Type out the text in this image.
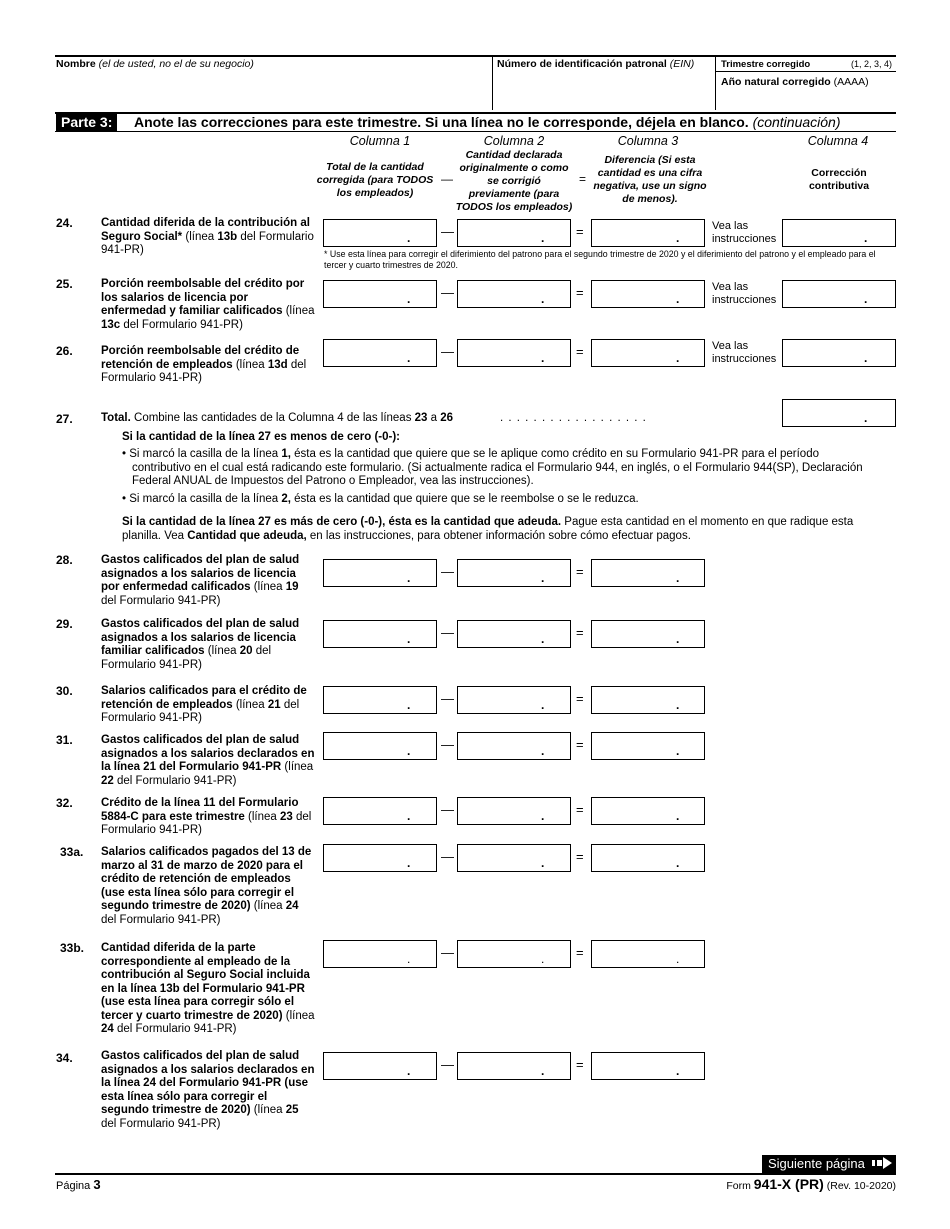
Nombre (el de usted, no el de su negocio)	Número de identificación patronal (EIN)	Trimestre corregido	(1, 2, 3, 4)
Año natural corregido (AAAA)
Parte 3:	Anote las correcciones para este trimestre. Si una línea no le corresponde, déjela en blanco. (continuación)
Columna 1	Columna 2	Columna 3	Columna 4
Total de la cantidad corregida (para TODOS los empleados)
—
Cantidad declarada originalmente o como se corrigió previamente (para TODOS los empleados)
=
Diferencia (Si esta cantidad es una cifra negativa, use un signo de menos).
Corrección contributiva
24. Cantidad diferida de la contribución al Seguro Social* (línea 13b del Formulario 941-PR)
. —	. =	.
Vea las
instrucciones	.
* Use esta línea para corregir el diferimiento del patrono para el segundo trimestre de 2020 y el diferimiento del patrono y el empleado para el tercer y cuarto trimestres de 2020.
25. Porción reembolsable del crédito por los salarios de licencia por enfermedad y familiar calificados (línea 13c del Formulario 941-PR)
. —	. =	.
Vea las
instrucciones	.
26. Porción reembolsable del crédito de retención de empleados (línea 13d del Formulario 941-PR)
. —	. =	.
Vea las
instrucciones	.
27. Total. Combine las cantidades de la Columna 4 de las líneas 23 a 26	. . . . . . . . . . . . . . . . . .	.
Si la cantidad de la línea 27 es menos de cero (-0-):
• Si marcó la casilla de la línea 1, ésta es la cantidad que quiere que se le aplique como crédito en su Formulario 941-PR para el período contributivo en el cual está radicando este formulario. (Si actualmente radica el Formulario 944, en inglés, o el Formulario 944(SP), Declaración Federal ANUAL de Impuestos del Patrono o Empleador, vea las instrucciones).
• Si marcó la casilla de la línea 2, ésta es la cantidad que quiere que se le reembolse o se le reduzca.
Si la cantidad de la línea 27 es más de cero (-0-), ésta es la cantidad que adeuda. Pague esta cantidad en el momento en que radique esta planilla. Vea Cantidad que adeuda, en las instrucciones, para obtener información sobre cómo efectuar pagos.
28. Gastos calificados del plan de salud asignados a los salarios de licencia por enfermedad calificados (línea 19 del Formulario 941-PR)
. —	. =	.
29. Gastos calificados del plan de salud asignados a los salarios de licencia familiar calificados (línea 20 del Formulario 941-PR)
. —	. =	.
30. Salarios calificados para el crédito de retención de empleados (línea 21 del Formulario 941-PR)
. —	. =	.
31. Gastos calificados del plan de salud asignados a los salarios declarados en la línea 21 del Formulario 941-PR (línea 22 del Formulario 941-PR)
. —	. =	.
32. Crédito de la línea 11 del Formulario 5884-C para este trimestre (línea 23 del Formulario 941-PR)
. —	. =	.
33a. Salarios calificados pagados del 13 de marzo al 31 de marzo de 2020 para el crédito de retención de empleados (use esta línea sólo para corregir el segundo trimestre de 2020) (línea 24 del Formulario 941-PR)
. —	. =	.
33b. Cantidad diferida de la parte correspondiente al empleado de la contribución al Seguro Social incluida en la línea 13b del Formulario 941-PR (use esta línea para corregir sólo el tercer y cuarto trimestre de 2020) (línea 24 del Formulario 941-PR)
. —	. =	.
34. Gastos calificados del plan de salud asignados a los salarios declarados en la línea 24 del Formulario 941-PR (use esta línea sólo para corregir el segundo trimestre de 2020) (línea 25 del Formulario 941-PR)
. —	. =	.
Siguiente página
Página 3	Form 941-X (PR) (Rev. 10-2020)
